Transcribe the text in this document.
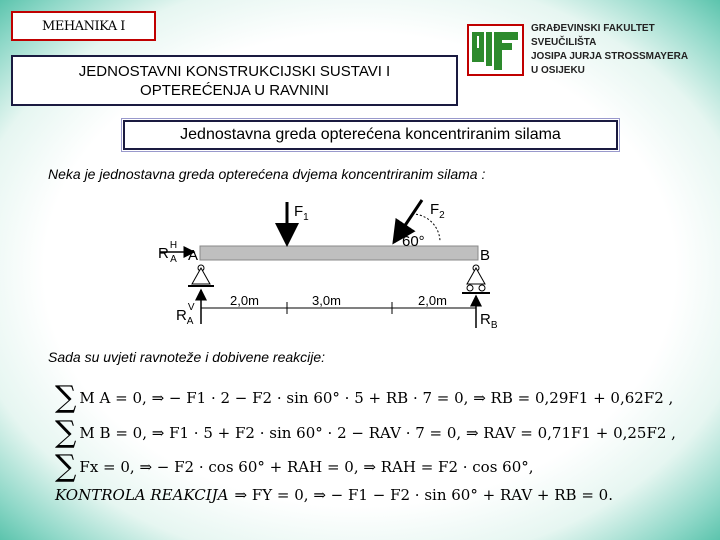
MEHANIKA I
JEDNOSTAVNI KONSTRUKCIJSKI SUSTAVI I
OPTEREĆENJA U RAVNINI
GRAĐEVINSKI FAKULTET
SVEUČILIŠTA
JOSIPA JURJA STROSSMAYERA
U OSIJEKU
Jednostavna greda opterećena koncentriranim silama
Neka je jednostavna greda opterećena dvjema koncentriranim silama :
$F_1$	$F_2$
60°
A	B
$R^H$ A
$R^V$ A	$R_B$
2,0m	3,0m	2,0m
Sada su uvjeti ravnoteže i dobivene reakcije:
∑ M A = 0, ⇒ − F1 · 2 − F2 · sin 60° · 5 + RB · 7 = 0, ⇒ RB = 0,29F1 + 0,62F2 ,
∑ M B = 0, ⇒ F1 · 5 + F2 · sin 60° · 2 − RAV · 7 = 0, ⇒ RAV = 0,71F1 + 0,25F2 ,
∑ Fx = 0, ⇒ − F2 · cos 60° + RAH = 0, ⇒ RAH = F2 · cos 60°,
KONTROLA REAKCIJA ⇒ FY = 0, ⇒ − F1 − F2 · sin 60° + RAV + RB = 0.
